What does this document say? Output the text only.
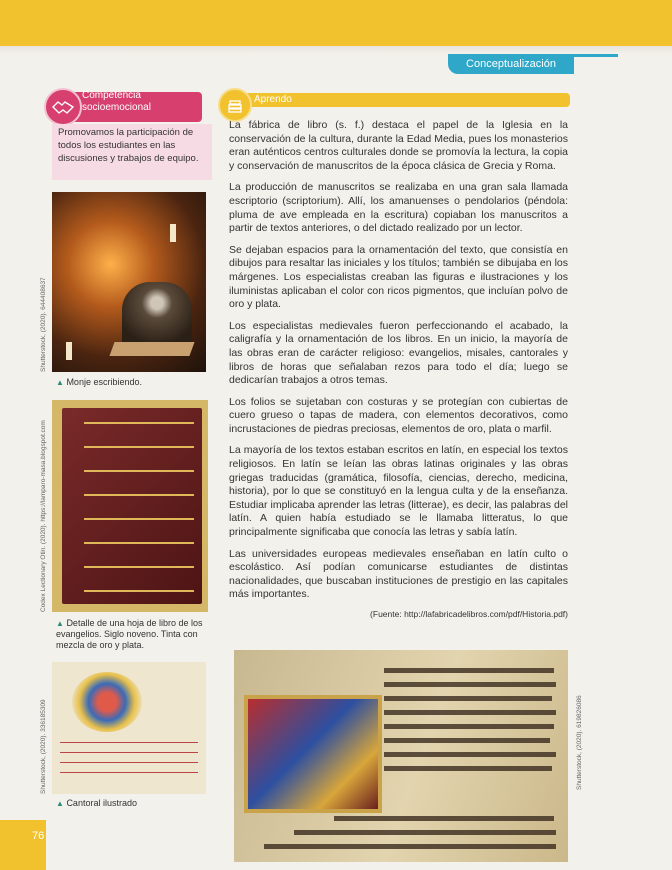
Conceptualización
Competencia
socioemocional
Promovamos la participación de todos los estudiantes en las discusiones y trabajos de equipo.
Shutterstock, (2020). 644408637
▲ Monje escribiendo.
Codex Lectionary Otin. (2020). https://lamparo-masa.blogspot.com
▲ Detalle de una hoja de libro de los evangelios. Siglo noveno. Tinta con mezcla de oro y plata.
Shutterstock, (2020). 336185309
▲ Cantoral ilustrado
Aprendo

La fábrica de libro (s. f.) destaca el papel de la Iglesia en la conservación de la cultura, durante la Edad Media, pues los monasterios eran auténticos centros culturales donde se promovía la lectura, la copia y conservación de manuscritos de la época clásica de Grecia y Roma.

La producción de manuscritos se realizaba en una gran sala llamada escriptorio (scriptorium). Allí, los amanuenses o pendolarios (péndola: pluma de ave empleada en la escritura) copiaban los manuscritos a partir de textos anteriores, o del dictado realizado por un lector.

Se dejaban espacios para la ornamentación del texto, que consistía en dibujos para resaltar las iniciales y los títulos; también se dibujaba en los márgenes. Los especialistas creaban las figuras e ilustraciones y los iluministas aplicaban el color con ricos pigmentos, que incluían polvo de oro y plata.

Los especialistas medievales fueron perfeccionando el acabado, la caligrafía y la ornamentación de los libros. En un inicio, la mayoría de las obras eran de carácter religioso: evangelios, misales, cantorales y libros de horas que señalaban rezos para todo el día; luego se dedicarían trabajos a otros temas.

Los folios se sujetaban con costuras y se protegían con cubiertas de cuero grueso o tapas de madera, con elementos decorativos, como incrustaciones de piedras preciosas, elementos de oro, plata o marfil.

La mayoría de los textos estaban escritos en latín, en especial los textos religiosos. En latín se leían las obras latinas originales y las obras griegas traducidas (gramática, filosofía, ciencias, derecho, medicina, historia), por lo que se constituyó en la lengua culta y de la enseñanza. Estudiar implicaba aprender las letras (litterae), es decir, las palabras del latín. A quien había estudiado se le llamaba litteratus, lo que principalmente significaba que conocía las letras y sabía latín.

Las universidades europeas medievales enseñaban en latín culto o escolástico. Así podían comunicarse estudiantes de distintas nacionalidades, que buscaban instituciones de prestigio en las capitales más importantes.

(Fuente: http://lafabricadelibros.com/pdf/Historia.pdf)
Shutterstock, (2020). 619826086
76
